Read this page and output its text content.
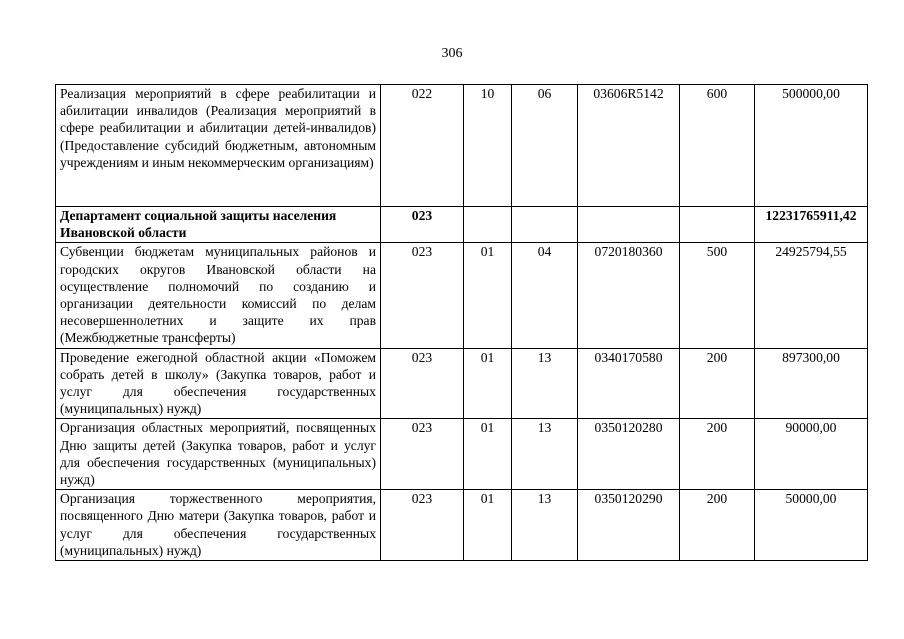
306
Реализация мероприятий в сфере реабилитации и абилитации инвалидов (Реализация мероприятий в сфере реабилитации и абилитации детей-инвалидов) (Предоставление субсидий бюджетным, автономным учреждениям и иным некоммерческим организациям)	022	10	06	03606R5142	600	500000,00
Департамент социальной защиты населения Ивановской области	023					12231765911,42
Субвенции бюджетам муниципальных районов и городских округов Ивановской области на осуществление полномочий по созданию и организации деятельности комиссий по делам несовершеннолетних и защите их прав (Межбюджетные трансферты)	023	01	04	0720180360	500	24925794,55
Проведение ежегодной областной акции «Поможем собрать детей в школу» (Закупка товаров, работ и услуг для обеспечения государственных (муниципальных) нужд)	023	01	13	0340170580	200	897300,00
Организация областных мероприятий, посвященных Дню защиты детей (Закупка товаров, работ и услуг для обеспечения государственных (муниципальных) нужд)	023	01	13	0350120280	200	90000,00
Организация торжественного мероприятия, посвященного Дню матери (Закупка товаров, работ и услуг для обеспечения государственных (муниципальных) нужд)	023	01	13	0350120290	200	50000,00
